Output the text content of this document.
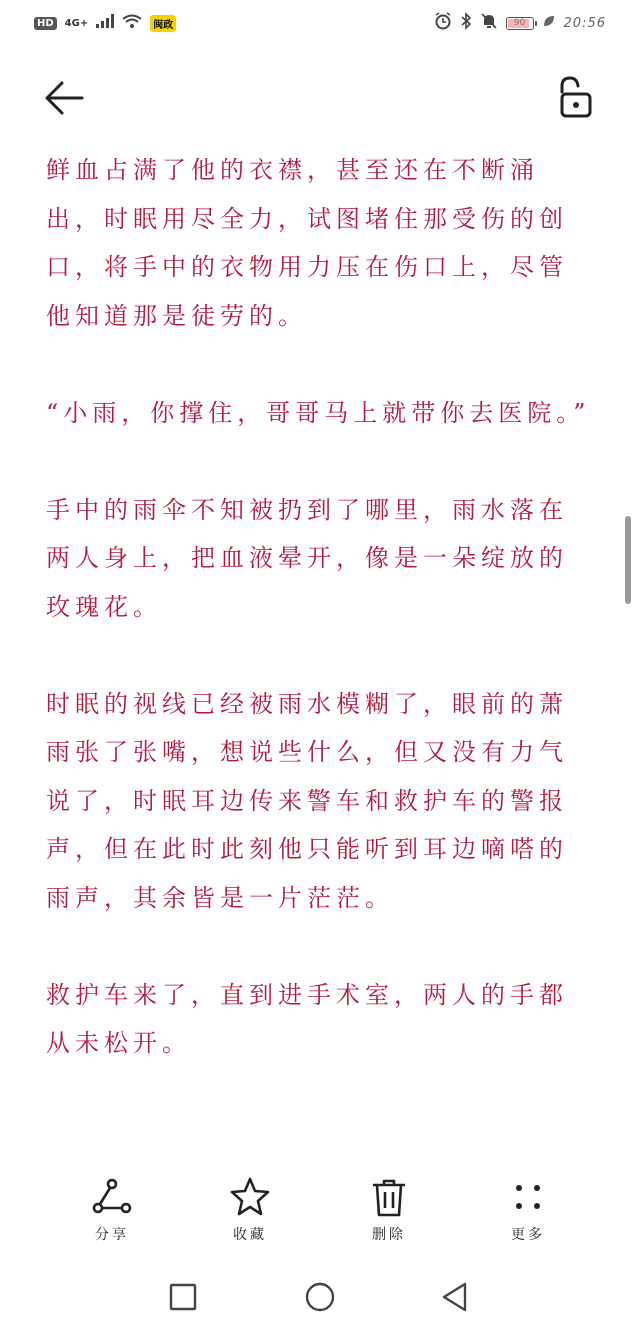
HD	4G+	闽政	90	20:56

鲜血占满了他的衣襟，甚至还在不断涌出，时眠用尽全力，试图堵住那受伤的创口，将手中的衣物用力压在伤口上，尽管他知道那是徒劳的。

“小雨，你撑住，哥哥马上就带你去医院。”

手中的雨伞不知被扔到了哪里，雨水落在两人身上，把血液晕开，像是一朵绽放的玫瑰花。

时眠的视线已经被雨水模糊了，眼前的萧雨张了张嘴，想说些什么，但又没有力气说了，时眠耳边传来警车和救护车的警报声，但在此时此刻他只能听到耳边嘀嗒的雨声，其余皆是一片茫茫。

救护车来了，直到进手术室，两人的手都从未松开。

分享	收藏	删除	更多
